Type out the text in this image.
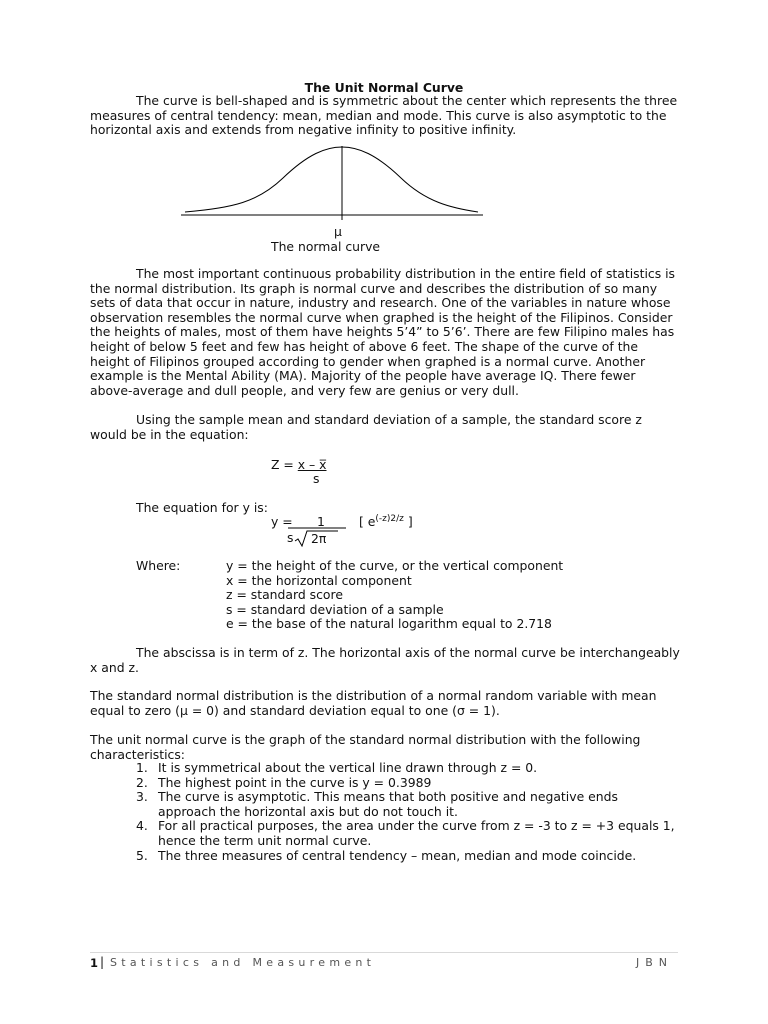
The Unit Normal Curve
The curve is bell-shaped and is symmetric about the center which represents the three measures of central tendency: mean, median and mode. This curve is also asymptotic to the horizontal axis and extends from negative infinity to positive infinity.
μ
The normal curve
The most important continuous probability distribution in the entire field of statistics is the normal distribution. Its graph is normal curve and describes the distribution of so many sets of data that occur in nature, industry and research. One of the variables in nature whose observation resembles the normal curve when graphed is the height of the Filipinos. Consider the heights of males, most of them have heights 5’4” to 5’6’. There are few Filipino males has height of below 5 feet and few has height of above 6 feet. The shape of the curve of the height of Filipinos grouped according to gender when graphed is a normal curve. Another example is the Mental Ability (MA). Majority of the people have average IQ. There fewer above-average and dull people, and very few are genius or very dull.
Using the sample mean and standard deviation of a sample, the standard score z would be in the equation:
Z = x – x̅
s
The equation for y is:
y = 1
s 2π
[ $e^{(-z)2/z}$ ]
Where:	y = the height of the curve, or the vertical component
x = the horizontal component
z = standard score
s = standard deviation of a sample
e = the base of the natural logarithm equal to 2.718
The abscissa is in term of z. The horizontal axis of the normal curve be interchangeably x and z.
The standard normal distribution is the distribution of a normal random variable with mean equal to zero (μ = 0) and standard deviation equal to one (σ = 1).
The unit normal curve is the graph of the standard normal distribution with the following characteristics:
1. It is symmetrical about the vertical line drawn through z = 0.
2. The highest point in the curve is y = 0.3989
3. The curve is asymptotic. This means that both positive and negative ends approach the horizontal axis but do not touch it.
4. For all practical purposes, the area under the curve from z = -3 to z = +3 equals 1, hence the term unit normal curve.
5. The three measures of central tendency – mean, median and mode coincide.
1 | Statistics and Measurement	JBN
